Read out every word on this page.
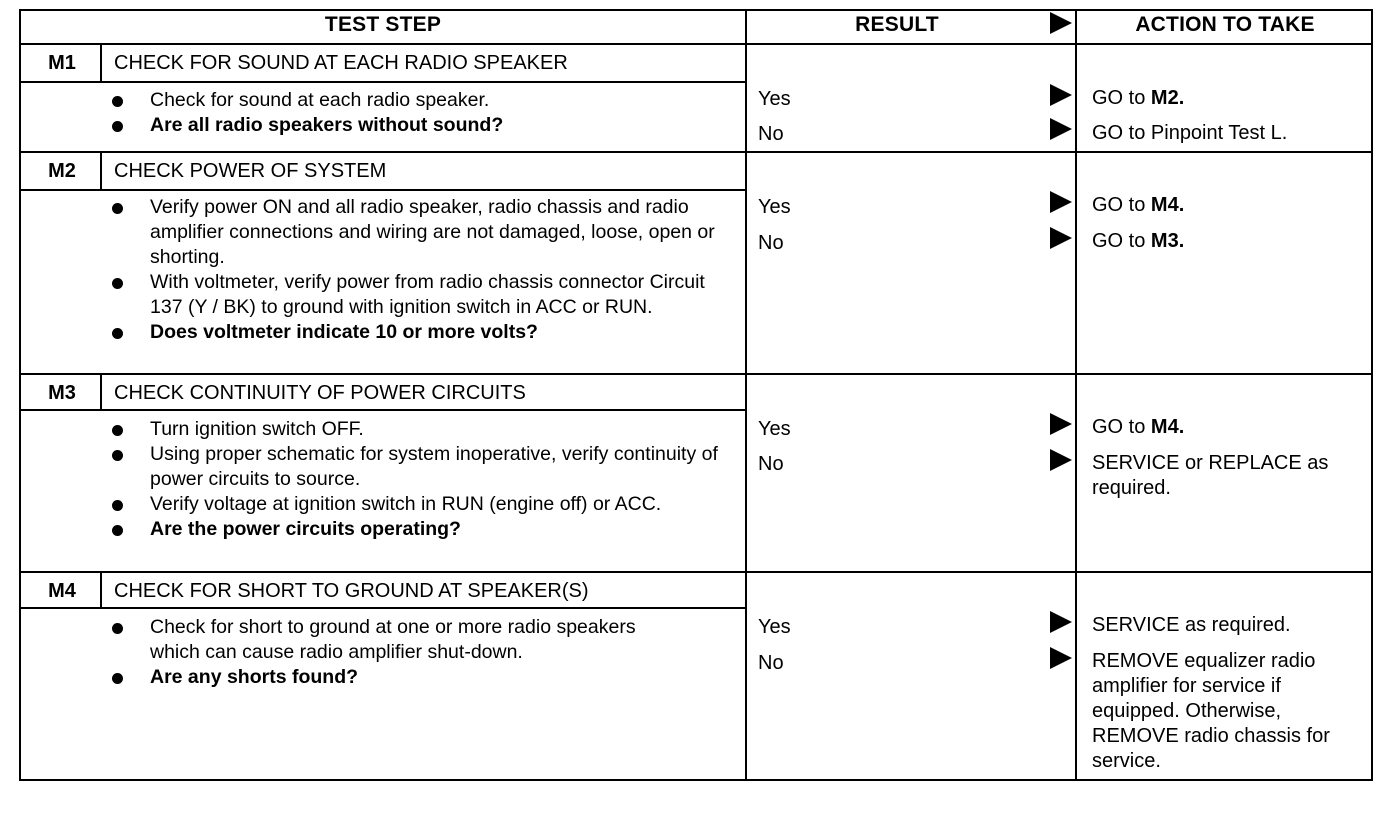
TEST STEP	RESULT	ACTION TO TAKE
M1	CHECK FOR SOUND AT EACH RADIO SPEAKER
Check for sound at each radio speaker.
Are all radio speakers without sound?
Yes	GO to M2.
No	GO to Pinpoint Test L.
M2	CHECK POWER OF SYSTEM
Verify power ON and all radio speaker, radio chassis and radio amplifier connections and wiring are not damaged, loose, open or shorting.
With voltmeter, verify power from radio chassis connector Circuit 137 (Y / BK) to ground with ignition switch in ACC or RUN.
Does voltmeter indicate 10 or more volts?
Yes	GO to M4.
No	GO to M3.
M3	CHECK CONTINUITY OF POWER CIRCUITS
Turn ignition switch OFF.
Using proper schematic for system inoperative, verify continuity of power circuits to source.
Verify voltage at ignition switch in RUN (engine off) or ACC.
Are the power circuits operating?
Yes	GO to M4.
No	SERVICE or REPLACE as required.
M4	CHECK FOR SHORT TO GROUND AT SPEAKER(S)
Check for short to ground at one or more radio speakers which can cause radio amplifier shut-down.
Are any shorts found?
Yes	SERVICE as required.
No	REMOVE equalizer radio amplifier for service if equipped. Otherwise, REMOVE radio chassis for service.
